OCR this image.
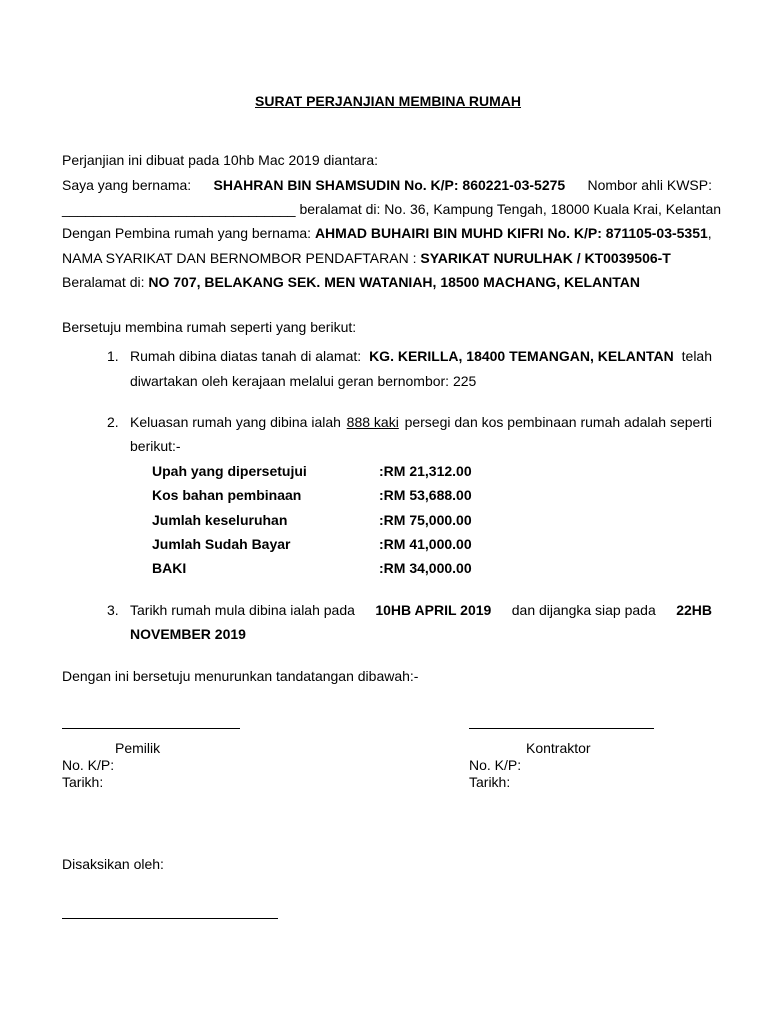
SURAT PERJANJIAN MEMBINA RUMAH
Perjanjian ini dibuat pada 10hb Mac 2019 diantara:
Saya yang bernama: SHAHRAN BIN SHAMSUDIN No. K/P: 860221-03-5275 Nombor ahli KWSP:
______________________________ beralamat di: No. 36, Kampung Tengah, 18000 Kuala Krai, Kelantan
Dengan Pembina rumah yang bernama: AHMAD BUHAIRI BIN MUHD KIFRI No. K/P: 871105-03-5351,
NAMA SYARIKAT DAN BERNOMBOR PENDAFTARAN : SYARIKAT NURULHAK / KT0039506-T
Beralamat di: NO 707, BELAKANG SEK. MEN WATANIAH, 18500 MACHANG, KELANTAN
Bersetuju membina rumah seperti yang berikut:
1. Rumah dibina diatas tanah di alamat: KG. KERILLA, 18400 TEMANGAN, KELANTAN telah
diwartakan oleh kerajaan melalui geran bernombor: 225
2. Keluasan rumah yang dibina ialah 888 kaki persegi dan kos pembinaan rumah adalah seperti
berikut:-
Upah yang dipersetujui	:RM 21,312.00
Kos bahan pembinaan	:RM 53,688.00
Jumlah keseluruhan	:RM 75,000.00
Jumlah Sudah Bayar	:RM 41,000.00
BAKI	:RM 34,000.00
3. Tarikh rumah mula dibina ialah pada 10HB APRIL 2019 dan dijangka siap pada 22HB
NOVEMBER 2019
Dengan ini bersetuju menurunkan tandatangan dibawah:-
Pemilik	Kontraktor
No. K/P:	No. K/P:
Tarikh:	Tarikh:
Disaksikan oleh:
